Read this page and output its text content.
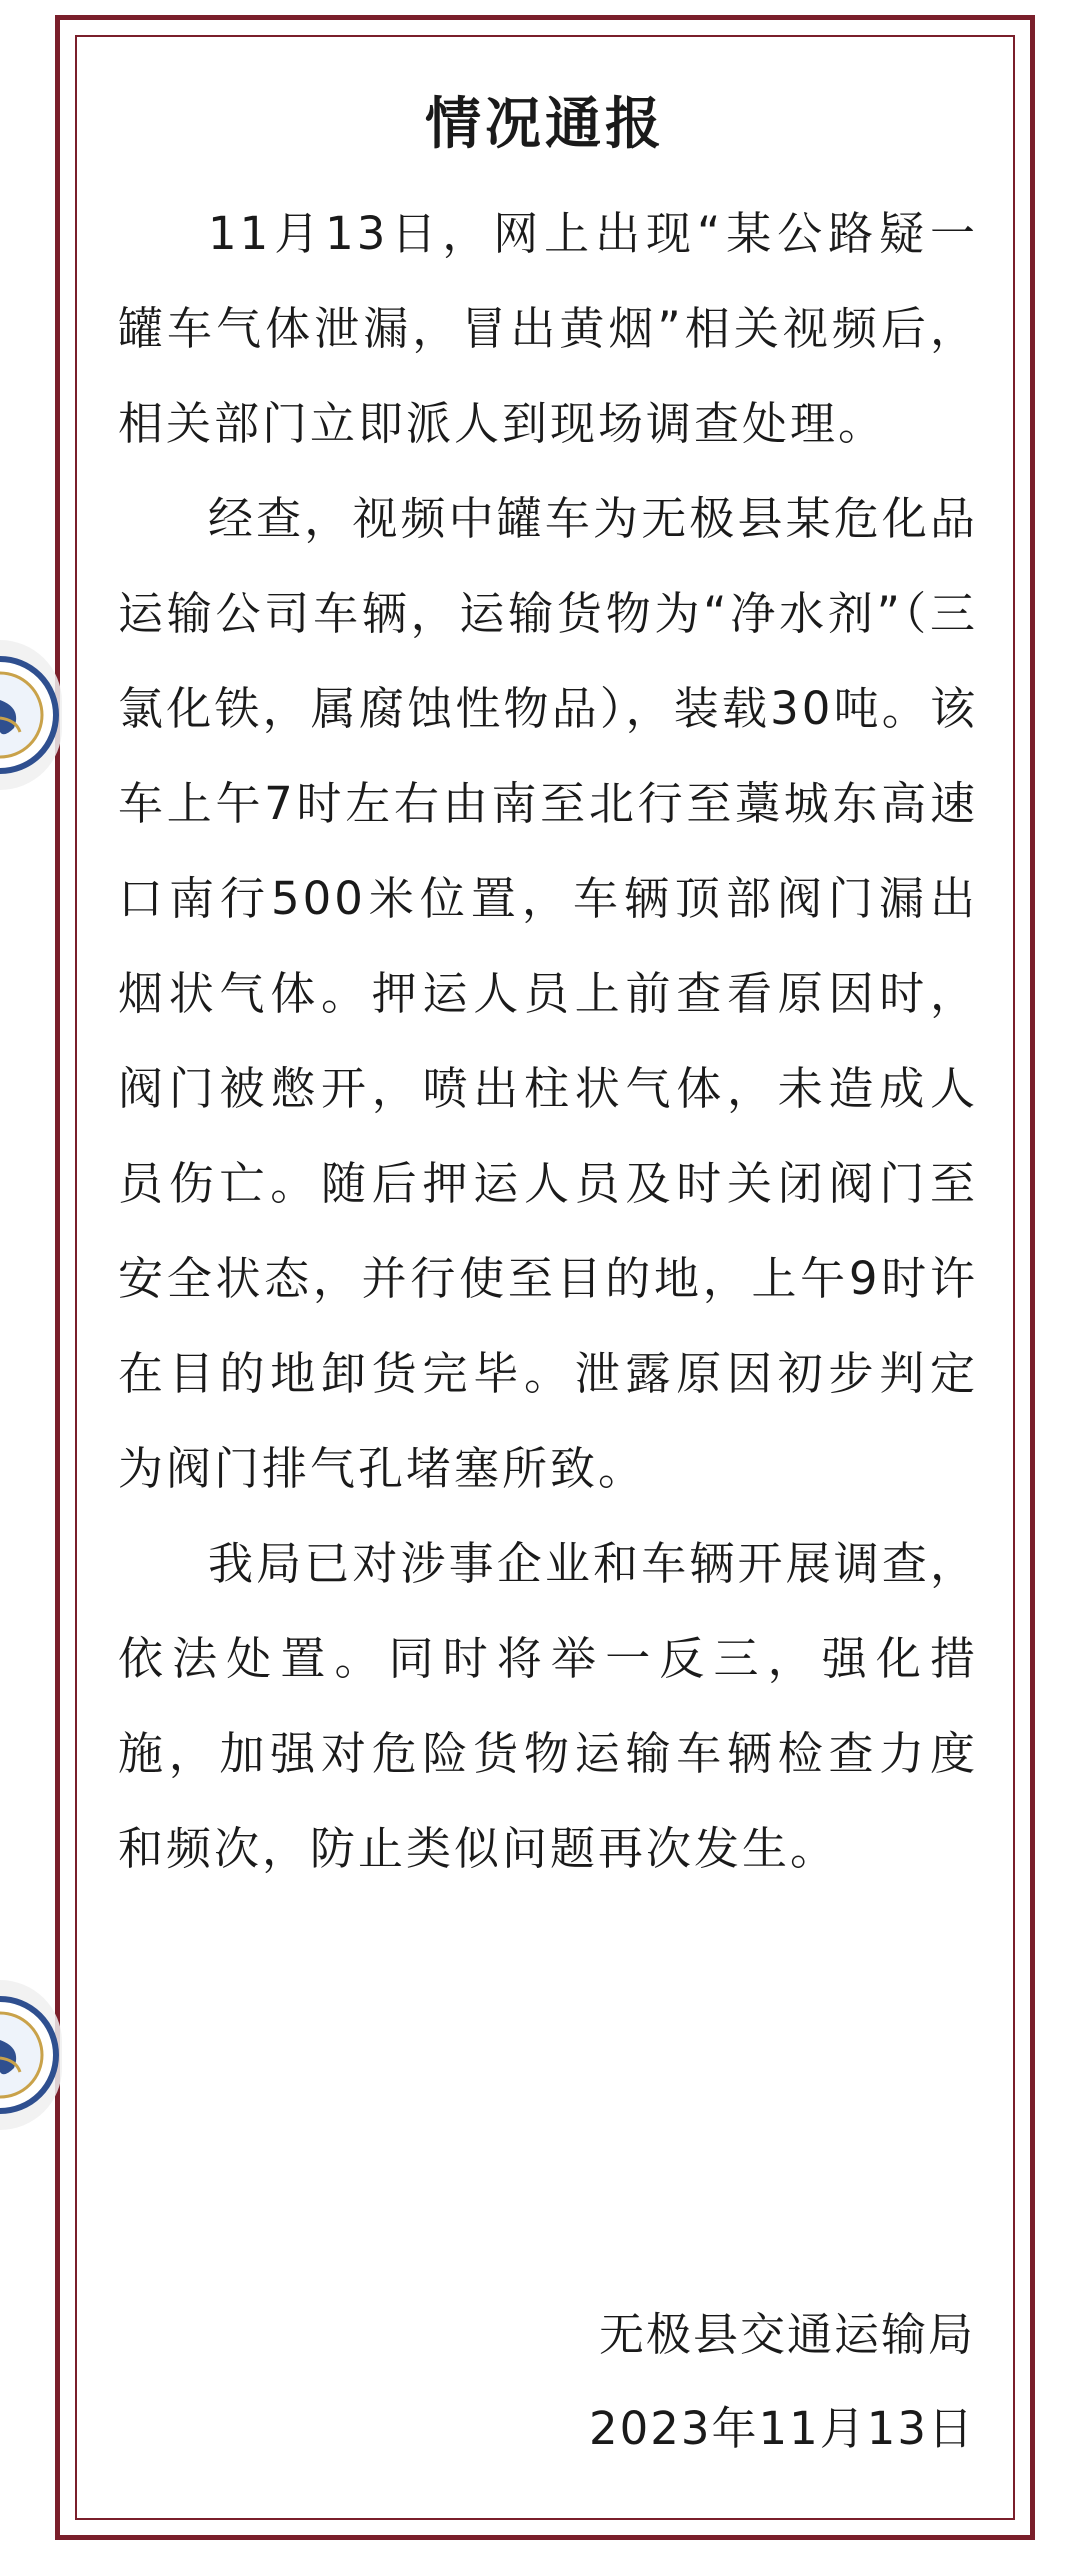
情况通报

11月13日，网上出现“某公路疑一罐车气体泄漏，冒出黄烟”相关视频后，相关部门立即派人到现场调查处理。

经查，视频中罐车为无极县某危化品运输公司车辆，运输货物为“净水剂”（三氯化铁，属腐蚀性物品），装载30吨。该车上午7时左右由南至北行至藁城东高速口南行500米位置，车辆顶部阀门漏出烟状气体。押运人员上前查看原因时，阀门被憋开，喷出柱状气体，未造成人员伤亡。随后押运人员及时关闭阀门至安全状态，并行使至目的地，上午9时许在目的地卸货完毕。泄露原因初步判定为阀门排气孔堵塞所致。

我局已对涉事企业和车辆开展调查，依法处置。同时将举一反三，强化措施，加强对危险货物运输车辆检查力度和频次，防止类似问题再次发生。

无极县交通运输局
2023年11月13日
